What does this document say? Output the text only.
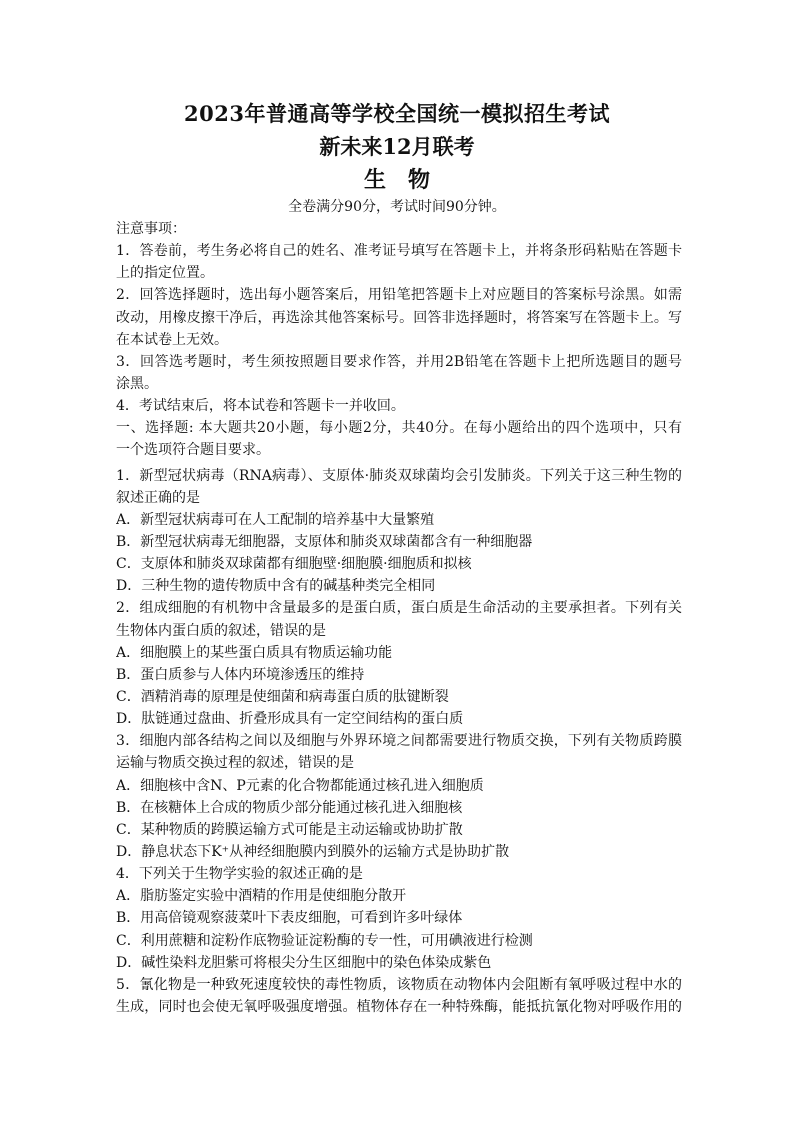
2023年普通高等学校全国统一模拟招生考试
新未来12月联考
生物
全卷满分90分，考试时间90分钟。
注意事项：
1．答卷前，考生务必将自己的姓名、准考证号填写在答题卡上，并将条形码粘贴在答题卡
上的指定位置。
2．回答选择题时，选出每小题答案后，用铅笔把答题卡上对应题目的答案标号涂黑。如需
改动，用橡皮擦干净后，再选涂其他答案标号。回答非选择题时，将答案写在答题卡上。写
在本试卷上无效。
3．回答选考题时，考生须按照题目要求作答，并用2B铅笔在答题卡上把所选题目的题号
涂黑。
4．考试结束后，将本试卷和答题卡一并收回。
一、选择题: 本大题共20小题，每小题2分，共40分。在每小题给出的四个选项中，只有
一个选项符合题目要求。
1．新型冠状病毒（RNA病毒）、支原体·肺炎双球菌均会引发肺炎。下列关于这三种生物的
叙述正确的是
A．新型冠状病毒可在人工配制的培养基中大量繁殖
B．新型冠状病毒无细胞器，支原体和肺炎双球菌都含有一种细胞器
C．支原体和肺炎双球菌都有细胞壁·细胞膜·细胞质和拟核
D．三种生物的遗传物质中含有的碱基种类完全相同
2．组成细胞的有机物中含量最多的是蛋白质，蛋白质是生命活动的主要承担者。下列有关
生物体内蛋白质的叙述，错误的是
A．细胞膜上的某些蛋白质具有物质运输功能
B．蛋白质参与人体内环境渗透压的维持
C．酒精消毒的原理是使细菌和病毒蛋白质的肽键断裂
D．肽链通过盘曲、折叠形成具有一定空间结构的蛋白质
3．细胞内部各结构之间以及细胞与外界环境之间都需要进行物质交换，下列有关物质跨膜
运输与物质交换过程的叙述，错误的是
A．细胞核中含N、P元素的化合物都能通过核孔进入细胞质
B．在核糖体上合成的物质少部分能通过核孔进入细胞核
C．某种物质的跨膜运输方式可能是主动运输或协助扩散
D．静息状态下K⁺从神经细胞膜内到膜外的运输方式是协助扩散
4．下列关于生物学实验的叙述正确的是
A．脂肪鉴定实验中酒精的作用是使细胞分散开
B．用高倍镜观察菠菜叶下表皮细胞，可看到许多叶绿体
C．利用蔗糖和淀粉作底物验证淀粉酶的专一性，可用碘液进行检测
D．碱性染料龙胆紫可将根尖分生区细胞中的染色体染成紫色
5．氰化物是一种致死速度较快的毒性物质，该物质在动物体内会阻断有氧呼吸过程中水的
生成，同时也会使无氧呼吸强度增强。植物体存在一种特殊酶，能抵抗氰化物对呼吸作用的
